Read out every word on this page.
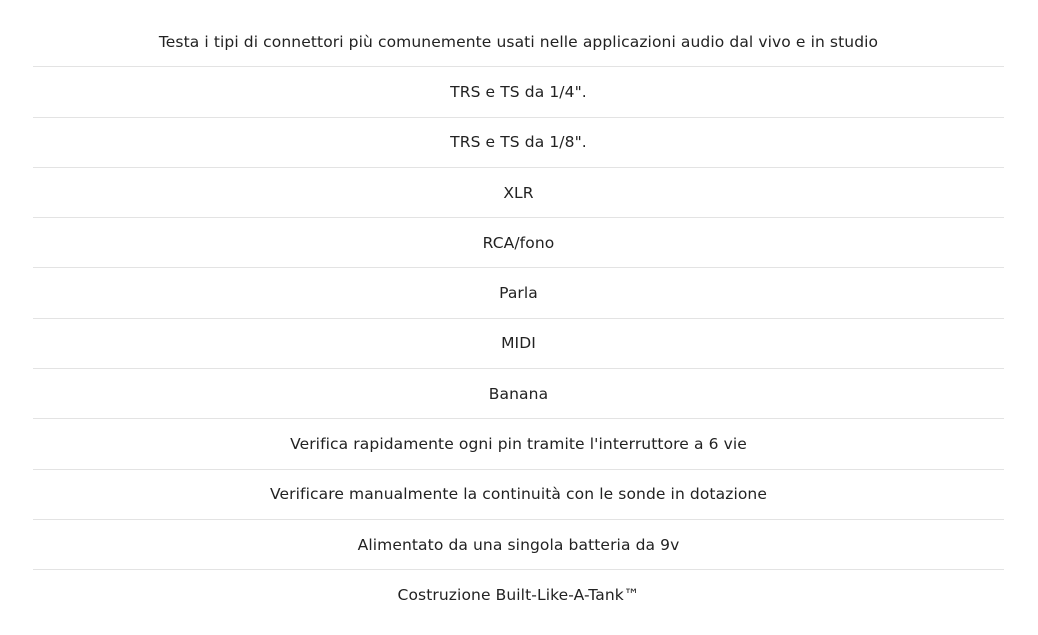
Testa i tipi di connettori più comunemente usati nelle applicazioni audio dal vivo e in studio
TRS e TS da 1/4".
TRS e TS da 1/8".
XLR
RCA/fono
Parla
MIDI
Banana
Verifica rapidamente ogni pin tramite l'interruttore a 6 vie
Verificare manualmente la continuità con le sonde in dotazione
Alimentato da una singola batteria da 9v
Costruzione Built-Like-A-Tank™
